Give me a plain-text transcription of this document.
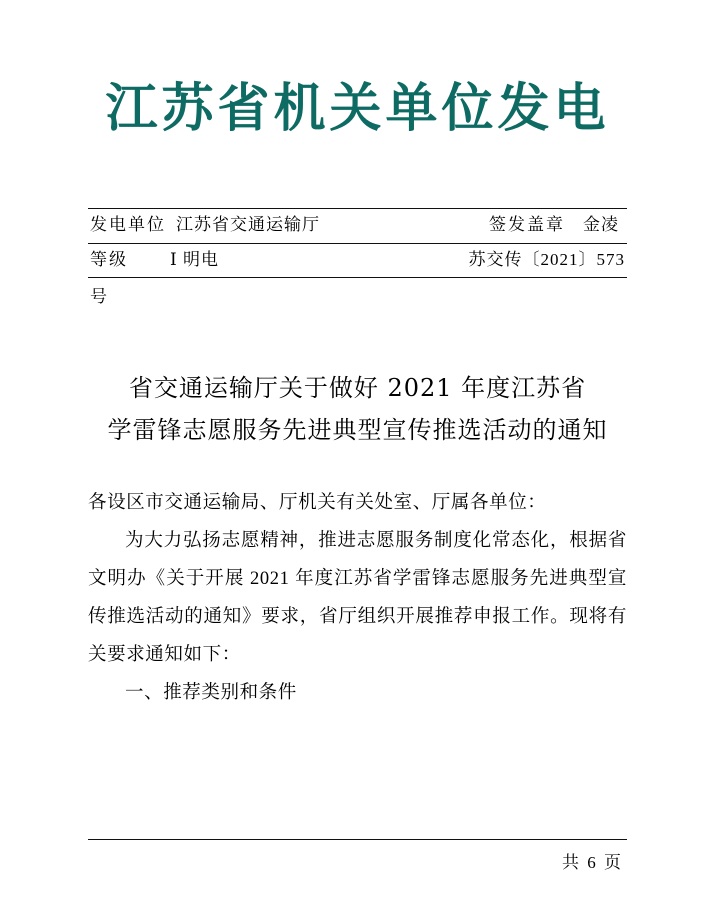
江苏省机关单位发电
发电单位 江苏省交通运输厅	签发盖章 金凌
等级 Ⅰ 明电	苏交传〔2021〕573
号
省交通运输厅关于做好 2021 年度江苏省
学雷锋志愿服务先进典型宣传推选活动的通知

各设区市交通运输局、厅机关有关处室、厅属各单位：

为大力弘扬志愿精神，推进志愿服务制度化常态化，根据省文明办《关于开展 2021 年度江苏省学雷锋志愿服务先进典型宣传推选活动的通知》要求，省厅组织开展推荐申报工作。现将有关要求通知如下：

一、推荐类别和条件

共 6 页
